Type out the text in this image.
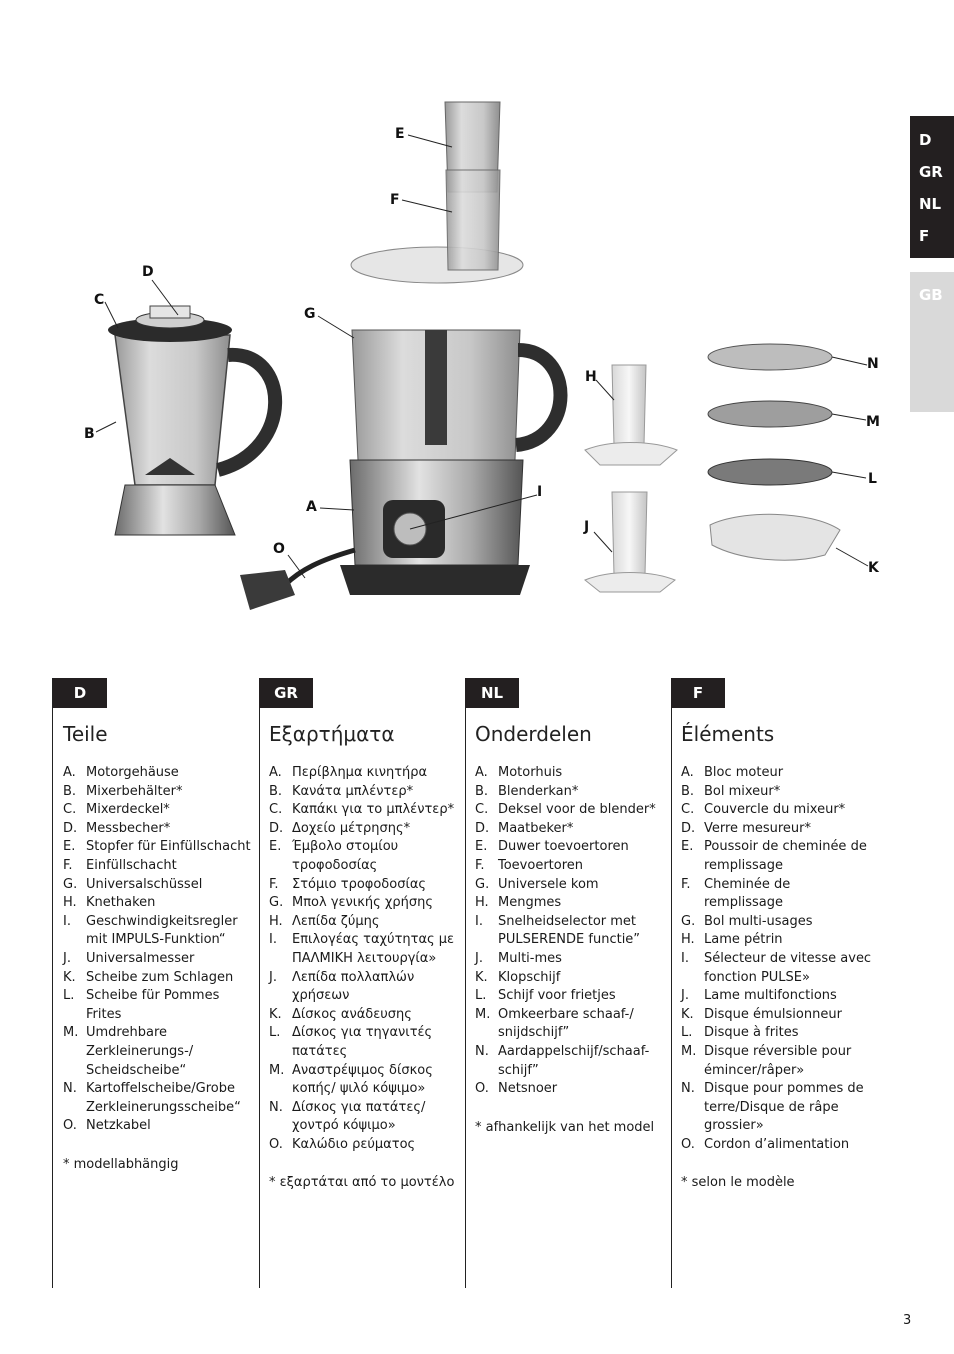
D
GR
NL
F
GB
E
F
D
C
G
B
A
I
O
H
J
N
M
L
K
D
Teile
A. Motorgehäuse
B. Mixerbehälter*
C. Mixerdeckel*
D. Messbecher*
E. Stopfer für Einfüllschacht
F.	Einfüllschacht
G. Universalschüssel
H. Knethaken
I.	Geschwindigkeitsregler mit IMPULS-Funktion“
J.	Universalmesser
K. Scheibe zum Schlagen
L. Scheibe für Pommes Frites
M. Umdrehbare Zerkleinerungs-/ Scheidscheibe“
N. Kartoffelscheibe/Grobe Zerkleinerungsscheibe“
O. Netzkabel
* modellabhängig
GR
Εξαρτήματα
A. Περίβλημα κινητήρα
B. Κανάτα μπλέντερ*
C. Καπάκι για το μπλέντερ*
D. Δοχείο μέτρησης*
E. Έμβολο στομίου τροφοδοσίας
F.	Στόμιο τροφοδοσίας
G. Μπολ γενικής χρήσης
H. Λεπίδα ζύμης
I.	Επιλογέας ταχύτητας με ΠΑΛΜΙΚΗ λειτουργία»
J.	Λεπίδα πολλαπλών χρήσεων
K. Δίσκος ανάδευσης
L. Δίσκος για τηγανιτές πατάτες
M. Αναστρέψιμος δίσκος κοπής/ ψιλό κόψιμο»
N. Δίσκος για πατάτες/ χοντρό κόψιμο»
O. Καλώδιο ρεύματος
* εξαρτάται από το μοντέλο
NL
Onderdelen
A. Motorhuis
B. Blenderkan*
C. Deksel voor de blender*
D. Maatbeker*
E. Duwer toevoertoren
F.	Toevoertoren
G. Universele kom
H. Mengmes
I.	Snelheidselector met PULSERENDE functie”
J.	Multi-mes
K. Klopschijf
L. Schijf voor frietjes
M. Omkeerbare schaaf-/ snijdschijf”
N. Aardappelschijf/schaaf-schijf”
O. Netsnoer
* afhankelijk van het model
F
Éléments
A. Bloc moteur
B. Bol mixeur*
C. Couvercle du mixeur*
D. Verre mesureur*
E. Poussoir de cheminée de remplissage
F.	Cheminée de remplissage
G. Bol multi-usages
H. Lame pétrin
I.	Sélecteur de vitesse avec fonction PULSE»
J.	Lame multifonctions
K. Disque émulsionneur
L. Disque à frites
M. Disque réversible pour émincer/râper»
N. Disque pour pommes de terre/Disque de râpe grossier»
O. Cordon d’alimentation
* selon le modèle
3
